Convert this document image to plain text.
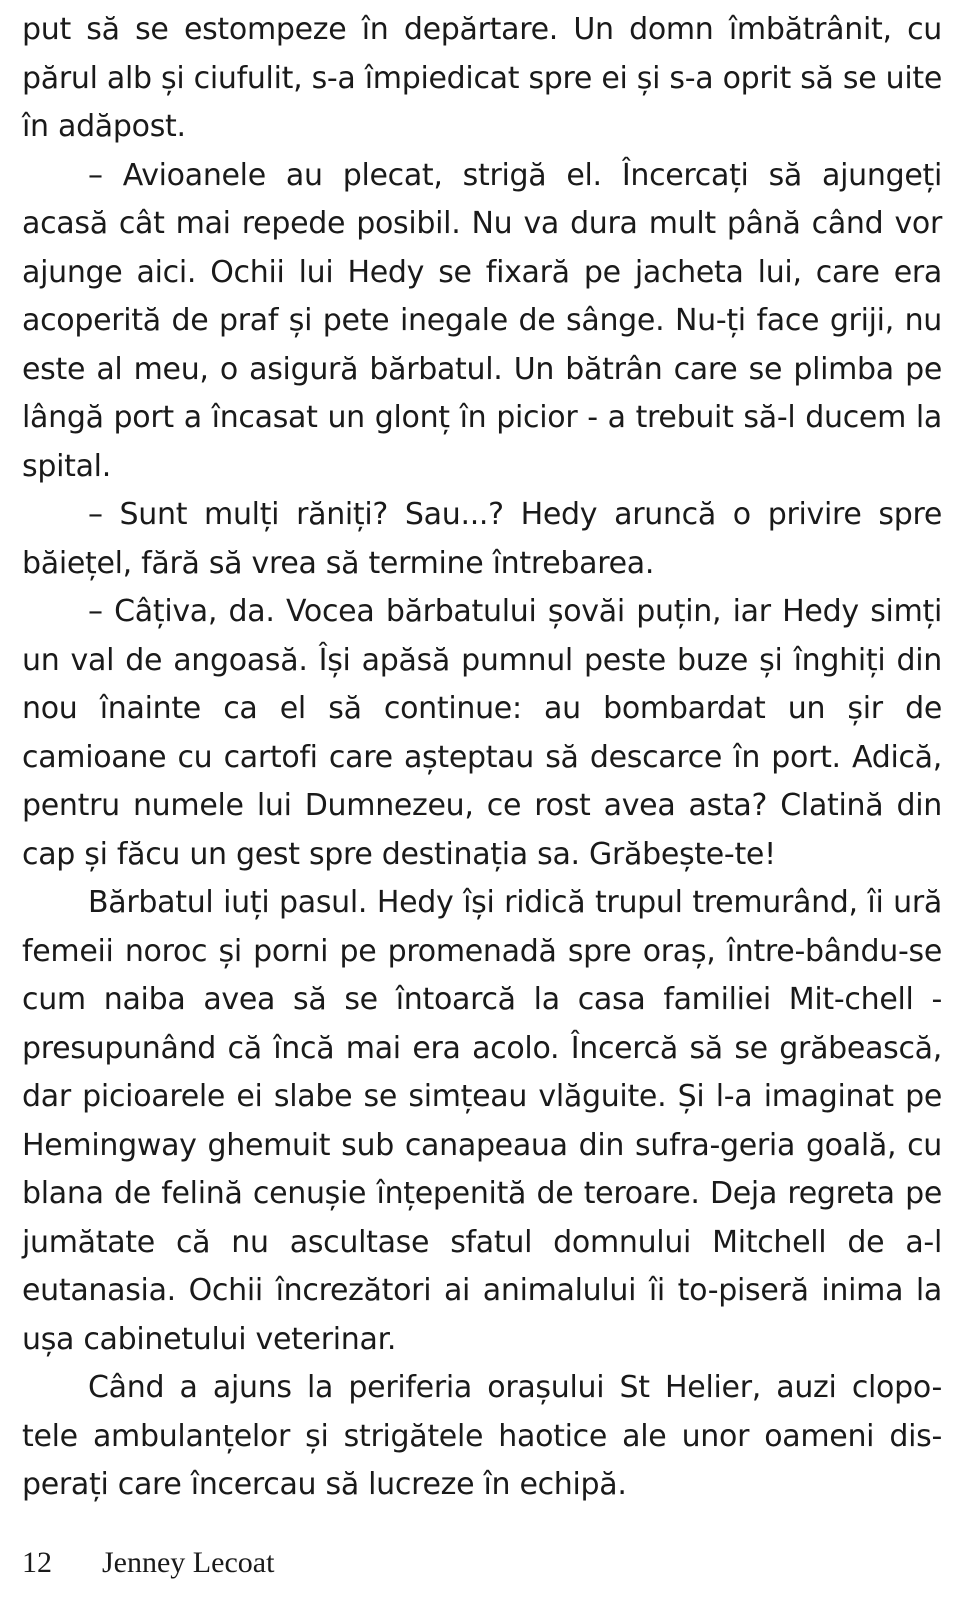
put să se estompeze în depărtare. Un domn îmbătrânit, cu părul alb și ciufulit, s-a împiedicat spre ei și s-a oprit să se uite în adăpost.

– Avioanele au plecat, strigă el. Încercați să ajungeți acasă cât mai repede posibil. Nu va dura mult până când vor ajunge aici. Ochii lui Hedy se fixară pe jacheta lui, care era acoperită de praf și pete inegale de sânge. Nu-ți face griji, nu este al meu, o asigură bărbatul. Un bătrân care se plimba pe lângă port a încasat un glonț în picior - a trebuit să-l ducem la spital.

– Sunt mulți răniți? Sau...? Hedy aruncă o privire spre băiețel, fără să vrea să termine întrebarea.

– Câțiva, da. Vocea bărbatului șovăi puțin, iar Hedy simți un val de angoasă. Își apăsă pumnul peste buze și înghiți din nou înainte ca el să continue: au bombardat un șir de camioane cu cartofi care așteptau să descarce în port. Adică, pentru numele lui Dumnezeu, ce rost avea asta? Clatină din cap și făcu un gest spre destinația sa. Grăbește-te!

Bărbatul iuți pasul. Hedy își ridică trupul tremurând, îi ură femeii noroc și porni pe promenadă spre oraș, între-bându-se cum naiba avea să se întoarcă la casa familiei Mit-chell - presupunând că încă mai era acolo. Încercă să se grăbească, dar picioarele ei slabe se simțeau vlăguite. Și l-a imaginat pe Hemingway ghemuit sub canapeaua din sufra-geria goală, cu blana de felină cenușie înțepenită de teroare. Deja regreta pe jumătate că nu ascultase sfatul domnului Mitchell de a-l eutanasia. Ochii încrezători ai animalului îi to-piseră inima la ușa cabinetului veterinar.

Când a ajuns la periferia orașului St Helier, auzi clopo-tele ambulanțelor și strigătele haotice ale unor oameni dis-perați care încercau să lucreze în echipă.

12 Jenney Lecoat
